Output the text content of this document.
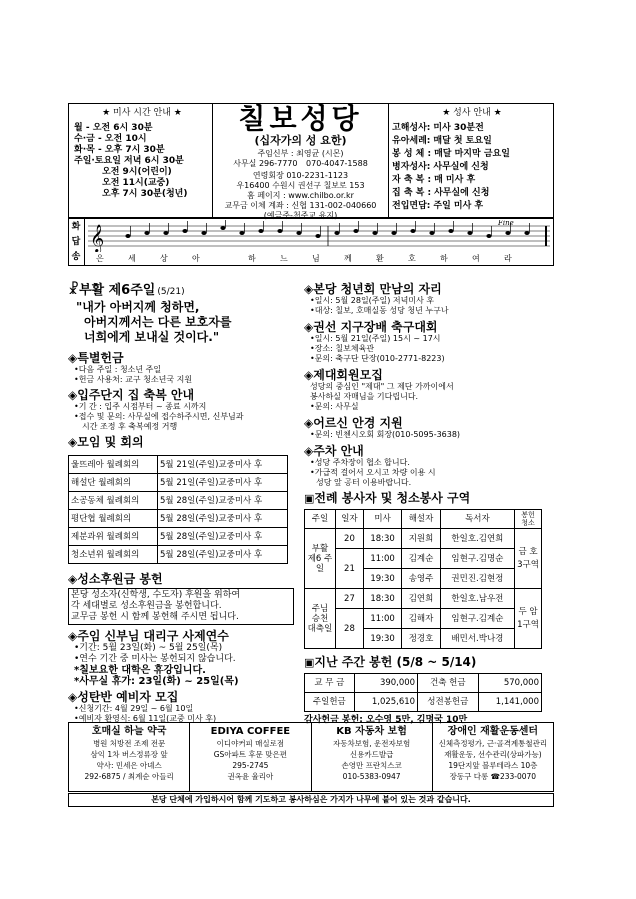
★ 미사 시간 안내 ★
월 - 오전 6시 30분
수·금 - 오전 10시
화·목 - 오후 7시 30분
주일·토요일 저녁 6시 30분
오전 9시(어린이)
오전 11시(교중)
오후 7시 30분(청년)
칠보성당
(십자가의 성 요한)
주임신부 : 최영균 (시몬)
사무실 296-7770 070-4047-1588
연령회장 010-2231-1123
우16400 수원시 권선구 칠보로 153
홈 페이지 : www.chilbo.or.kr
교무금 이체 계좌 : 신협 131-002-040660
(예금주-천주교 유지)
★ 성사 안내 ★
고해성사: 미사 30분전
유아세례: 매달 첫 토요일
봉 성 체 : 매달 마지막 금요일
병자성사: 사무실에 신청
자 축 복 : 매 미사 후
집 축 복 : 사무실에 신청
전입면담: 주일 미사 후
화
답
송
𝄞
Fine
은	세	상	아	하	느	님	께	환	호	하	여	라
☧ 부활 제6주일 (5/21)
"내가 아버지께 청하면,
아버지께서는 다른 보호자를
너희에게 보내실 것이다."
◈특별헌금
•다음 주일 : 청소년 주일
•헌금 사용처: 교구 청소년국 지원
◈입주단지 집 축복 안내
•기 간 : 입주 시점부터 ~ 종료 시까지
•접수 및 문의: 사무실에 접수하주시면, 신부님과
시간 조정 후 축복예정 거행
◈모임 및 회의
울뜨레아 월례회의	5월 21일(주일)교중미사 후
해설단 월례회의	5월 21일(주일)교중미사 후
소공동체 월례회의	5월 28일(주일)교중미사 후
평단협 월례회의	5월 28일(주일)교중미사 후
제분과위 월례회의	5월 28일(주일)교중미사 후
청소년위 월례회의	5월 28일(주일)교중미사 후
◈성소후원금 봉헌
본당 성소자(신학생, 수도자) 후원을 위하여
각 세대별로 성소후원금을 봉헌합니다.
교무금 봉헌 시 함께 봉헌해 주시면 됩니다.
◈주임 신부님 대리구 사제연수
•기간: 5월 23일(화) ~ 5월 25일(목)
•연수 기간 중 미사는 봉헌되지 않습니다.
*칠보요한 대학은 휴강입니다.
*사무실 휴가: 23일(화) ~ 25일(목)
◈성탄반 예비자 모집
•신청기간: 4월 29일 ~ 6월 10일
•예비자 환영식: 6월 11일(교중 미사 후)
◈본당 청년회 만남의 자리
•일시: 5월 28일(주일) 저녁미사 후
•대상: 칠보, 호매실동 성당 청년 누구나
◈권선 지구장배 축구대회
•일시: 5월 21일(주일) 15시 ~ 17시
•장소: 칠보체육관
•문의: 축구단 단장(010-2771-8223)
◈제대회원모집
성당의 중심인 "제대" 그 제단 가까이에서
봉사하실 자매님을 기다립니다.
•문의: 사무실
◈어르신 안경 지원
•문의: 빈첸시오회 회장(010-5095-3638)
◈주차 안내
•성당 주차장이 협소 합니다.
•가급적 걸어서 오시고 차량 이용 시
성당 앞 공터 이용바랍니다.
▣ 전례 봉사자 및 청소봉사 구역
주일	일자	미사	해설자	독서자	봉헌 청소
부활 제6 주일	20	18:30	지원희	한일호.김연희	금 호
3구역

	21	11:00	김계순	임현구.김명순	
		19:30	송영주	권민진.김현정	
주님 승천 대축일	27	18:30	김연희	한일호.남우전	두 암
1구역

	28	11:00	김해자	임현구.김계순	
		19:30	정경호	배민서.박나경	
▣ 지난 주간 봉헌 (5/8 ~ 5/14)
교 무 금	390,000	건축 헌금	570,000
주일헌금	1,025,610	성전봉헌금	1,141,000
감사헌금 봉헌: 오수영 5만, 김명국 10만
호매실 하늘 약국
병원 처방전 조제 전문
삼익 1차 버스정류장 앞
약사: 민세은 아녜스
292-6875 / 최계순 아들리
EDIYA COFFEE
이디야커피 매실로점
GS아파트 후문 맞은편
295-2745
권옥윤 율리아
KB 자동차 보험
자동차보험, 운전자보험
신용카드발급
손영만 프란치스코
010-5383-0947
장애인 재활운동센터
신체측정평가, 근·골격계통철관리
재활운동, 선수관리(상파가능)
19단지앞 블루테라스 10층
장동구 다롱 ☎233-0070
본당 단체에 가입하시어 함께 기도하고 봉사하심은 가지가 나무에 붙어 있는 것과 같습니다.
